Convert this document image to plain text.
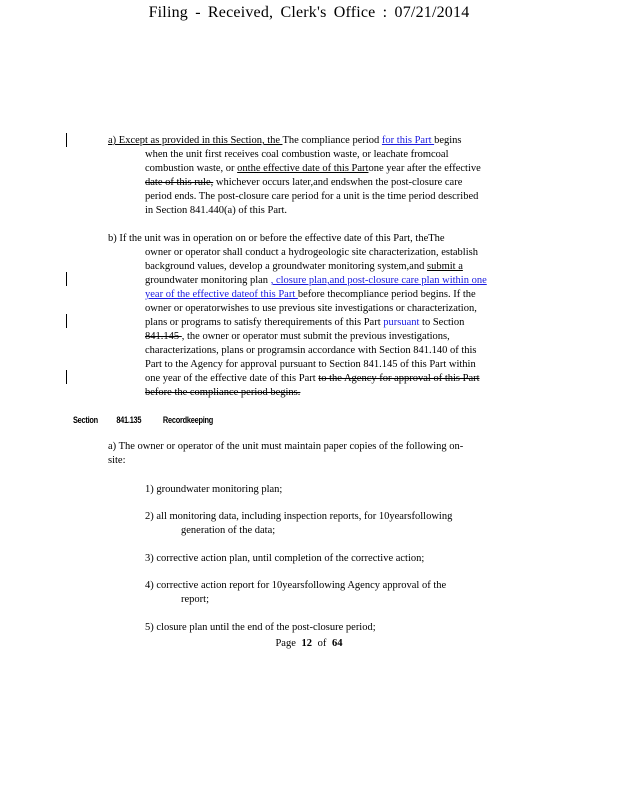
Filing - Received, Clerk's Office : 07/21/2014
a) Except as provided in this Section, the The compliance period for this Part begins
when the unit first receives coal combustion waste, or leachate fromcoal
combustion waste, or onthe effective date of this Partone year after the effective
date of this rule, whichever occurs later,and endswhen the post-closure care
period ends. The post-closure care period for a unit is the time period described
in Section 841.440(a) of this Part.
b) If the unit was in operation on or before the effective date of this Part, theThe
owner or operator shall conduct a hydrogeologic site characterization, establish
background values, develop a groundwater monitoring system,and submit a
groundwater monitoring plan , closure plan,and post-closure care plan within one
year of the effective dateof this Part before thecompliance period begins. If the
owner or operatorwishes to use previous site investigations or characterization,
plans or programs to satisfy therequirements of this Part pursuant to Section
841.145 , the owner or operator must submit the previous investigations,
characterizations, plans or programsin accordance with Section 841.140 of this
Part to the Agency for approval pursuant to Section 841.145 of this Part within
one year of the effective date of this Part to the Agency for approval of this Part
before the compliance period begins.
a) The owner or operator of the unit must maintain paper copies of the following on-
site:
1) groundwater monitoring plan;
2) all monitoring data, including inspection reports, for 10yearsfollowing
generation of the data;
3) corrective action plan, until completion of the corrective action;
4) corrective action report for 10yearsfollowing Agency approval of the
report;
5) closure plan until the end of the post-closure period;
Section 841.135 Recordkeeping
Page 12 of 64
